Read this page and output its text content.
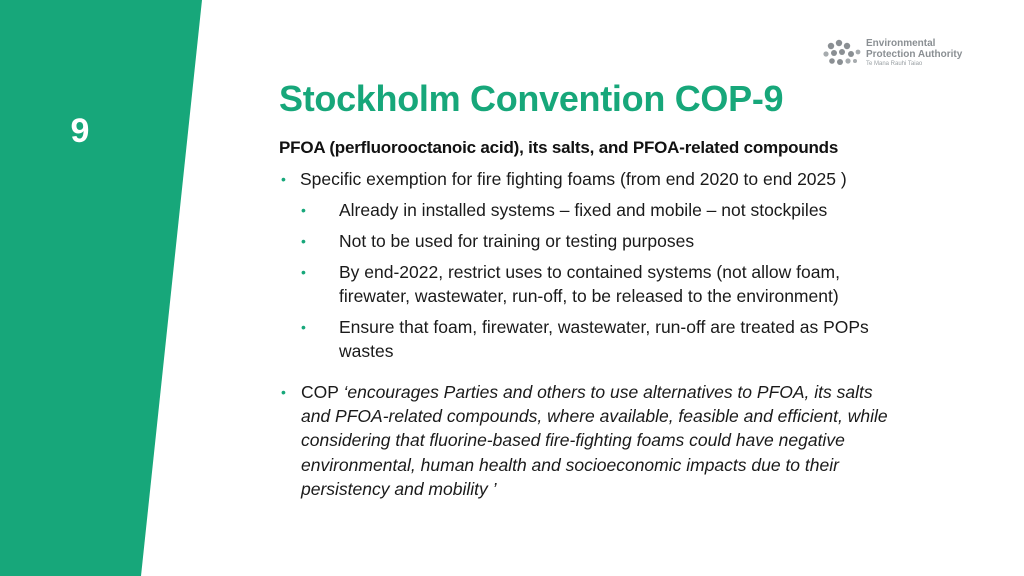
9
Environmental
Protection Authority
Te Mana Rauhi Taiao
Stockholm Convention COP-9
PFOA (perfluorooctanoic acid), its salts, and PFOA-related compounds
• Specific exemption for fire fighting foams (from end 2020 to end 2025 )
• Already in installed systems – fixed and mobile – not stockpiles
• Not to be used for training or testing purposes
• By end-2022, restrict uses to contained systems (not allow foam,
firewater, wastewater, run-off, to be released to the environment)
• Ensure that foam, firewater, wastewater, run-off are treated as POPs
wastes
• COP ‘encourages Parties and others to use alternatives to PFOA, its salts
and PFOA-related compounds, where available, feasible and efficient, while
considering that fluorine-based fire-fighting foams could have negative
environmental, human health and socioeconomic impacts due to their
persistency and mobility ’
